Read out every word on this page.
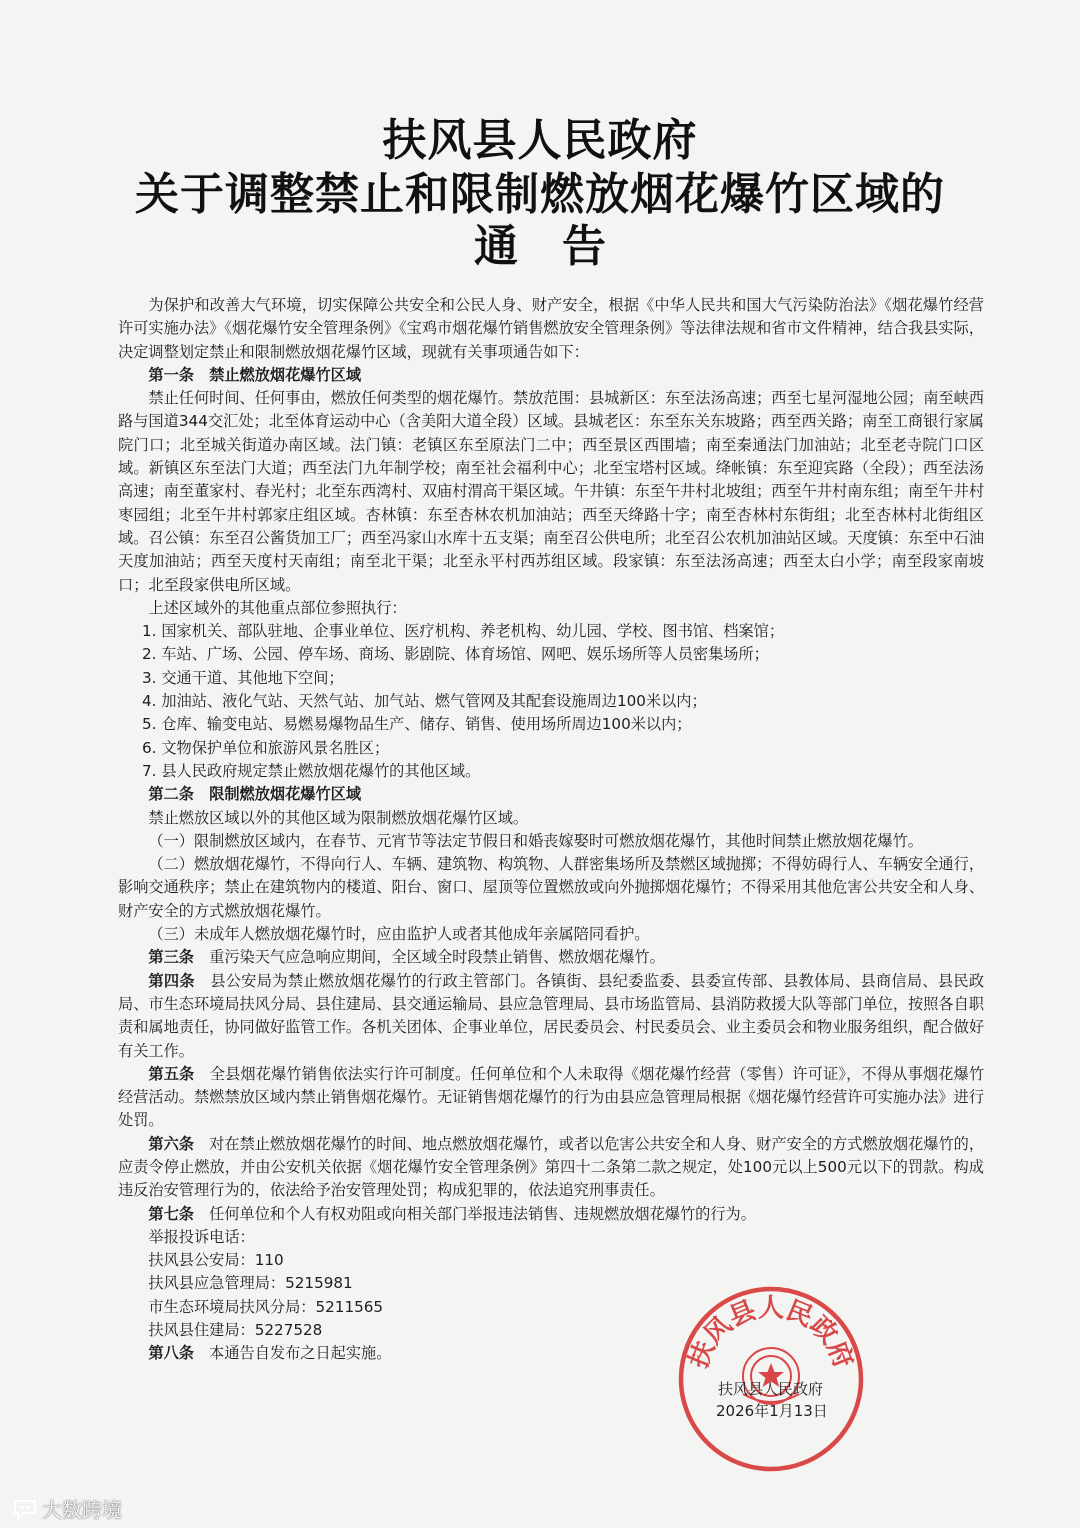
扶风县人民政府
关于调整禁止和限制燃放烟花爆竹区域的
通告

为保护和改善大气环境，切实保障公共安全和公民人身、财产安全，根据《中华人民共和国大气污染防治法》《烟花爆竹经营许可实施办法》《烟花爆竹安全管理条例》《宝鸡市烟花爆竹销售燃放安全管理条例》等法律法规和省市文件精神，结合我县实际，决定调整划定禁止和限制燃放烟花爆竹区域，现就有关事项通告如下：

第一条　禁止燃放烟花爆竹区域

禁止任何时间、任何事由，燃放任何类型的烟花爆竹。禁放范围：县城新区：东至法汤高速；西至七星河湿地公园；南至峡西路与国道344交汇处；北至体育运动中心（含美阳大道全段）区域。县城老区：东至东关东坡路；西至西关路；南至工商银行家属院门口；北至城关街道办南区域。法门镇：老镇区东至原法门二中；西至景区西围墙；南至秦通法门加油站；北至老寺院门口区域。新镇区东至法门大道；西至法门九年制学校；南至社会福利中心；北至宝塔村区域。绛帐镇：东至迎宾路（全段）；西至法汤高速；南至董家村、春光村；北至东西湾村、双庙村渭高干渠区域。午井镇：东至午井村北坡组；西至午井村南东组；南至午井村枣园组；北至午井村郭家庄组区域。杏林镇：东至杏林农机加油站；西至天绛路十字；南至杏林村东街组；北至杏林村北街组区域。召公镇：东至召公酱货加工厂；西至冯家山水库十五支渠；南至召公供电所；北至召公农机加油站区域。天度镇：东至中石油天度加油站；西至天度村天南组；南至北干渠；北至永平村西苏组区域。段家镇：东至法汤高速；西至太白小学；南至段家南坡口；北至段家供电所区域。

上述区域外的其他重点部位参照执行：

1. 国家机关、部队驻地、企事业单位、医疗机构、养老机构、幼儿园、学校、图书馆、档案馆；

2. 车站、广场、公园、停车场、商场、影剧院、体育场馆、网吧、娱乐场所等人员密集场所；

3. 交通干道、其他地下空间；

4. 加油站、液化气站、天然气站、加气站、燃气管网及其配套设施周边100米以内；

5. 仓库、输变电站、易燃易爆物品生产、储存、销售、使用场所周边100米以内；

6. 文物保护单位和旅游风景名胜区；

7. 县人民政府规定禁止燃放烟花爆竹的其他区域。

第二条　限制燃放烟花爆竹区域

禁止燃放区域以外的其他区域为限制燃放烟花爆竹区域。

（一）限制燃放区域内，在春节、元宵节等法定节假日和婚丧嫁娶时可燃放烟花爆竹，其他时间禁止燃放烟花爆竹。

（二）燃放烟花爆竹，不得向行人、车辆、建筑物、构筑物、人群密集场所及禁燃区域抛掷；不得妨碍行人、车辆安全通行，影响交通秩序；禁止在建筑物内的楼道、阳台、窗口、屋顶等位置燃放或向外抛掷烟花爆竹；不得采用其他危害公共安全和人身、财产安全的方式燃放烟花爆竹。

（三）未成年人燃放烟花爆竹时，应由监护人或者其他成年亲属陪同看护。

第三条　重污染天气应急响应期间，全区域全时段禁止销售、燃放烟花爆竹。

第四条　县公安局为禁止燃放烟花爆竹的行政主管部门。各镇街、县纪委监委、县委宣传部、县教体局、县商信局、县民政局、市生态环境局扶风分局、县住建局、县交通运输局、县应急管理局、县市场监管局、县消防救援大队等部门单位，按照各自职责和属地责任，协同做好监管工作。各机关团体、企事业单位，居民委员会、村民委员会、业主委员会和物业服务组织，配合做好有关工作。

第五条　全县烟花爆竹销售依法实行许可制度。任何单位和个人未取得《烟花爆竹经营（零售）许可证》，不得从事烟花爆竹经营活动。禁燃禁放区域内禁止销售烟花爆竹。无证销售烟花爆竹的行为由县应急管理局根据《烟花爆竹经营许可实施办法》进行处罚。

第六条　对在禁止燃放烟花爆竹的时间、地点燃放烟花爆竹，或者以危害公共安全和人身、财产安全的方式燃放烟花爆竹的，应责令停止燃放，并由公安机关依据《烟花爆竹安全管理条例》第四十二条第二款之规定，处100元以上500元以下的罚款。构成违反治安管理行为的，依法给予治安管理处罚；构成犯罪的，依法追究刑事责任。

第七条　任何单位和个人有权劝阻或向相关部门举报违法销售、违规燃放烟花爆竹的行为。

举报投诉电话：

扶风县公安局：110

扶风县应急管理局：5215981

市生态环境局扶风分局：5211565

扶风县住建局：5227528

第八条　本通告自发布之日起实施。	扶风县人民政府
扶风县人民政府
2026年1月13日
大数跨境
